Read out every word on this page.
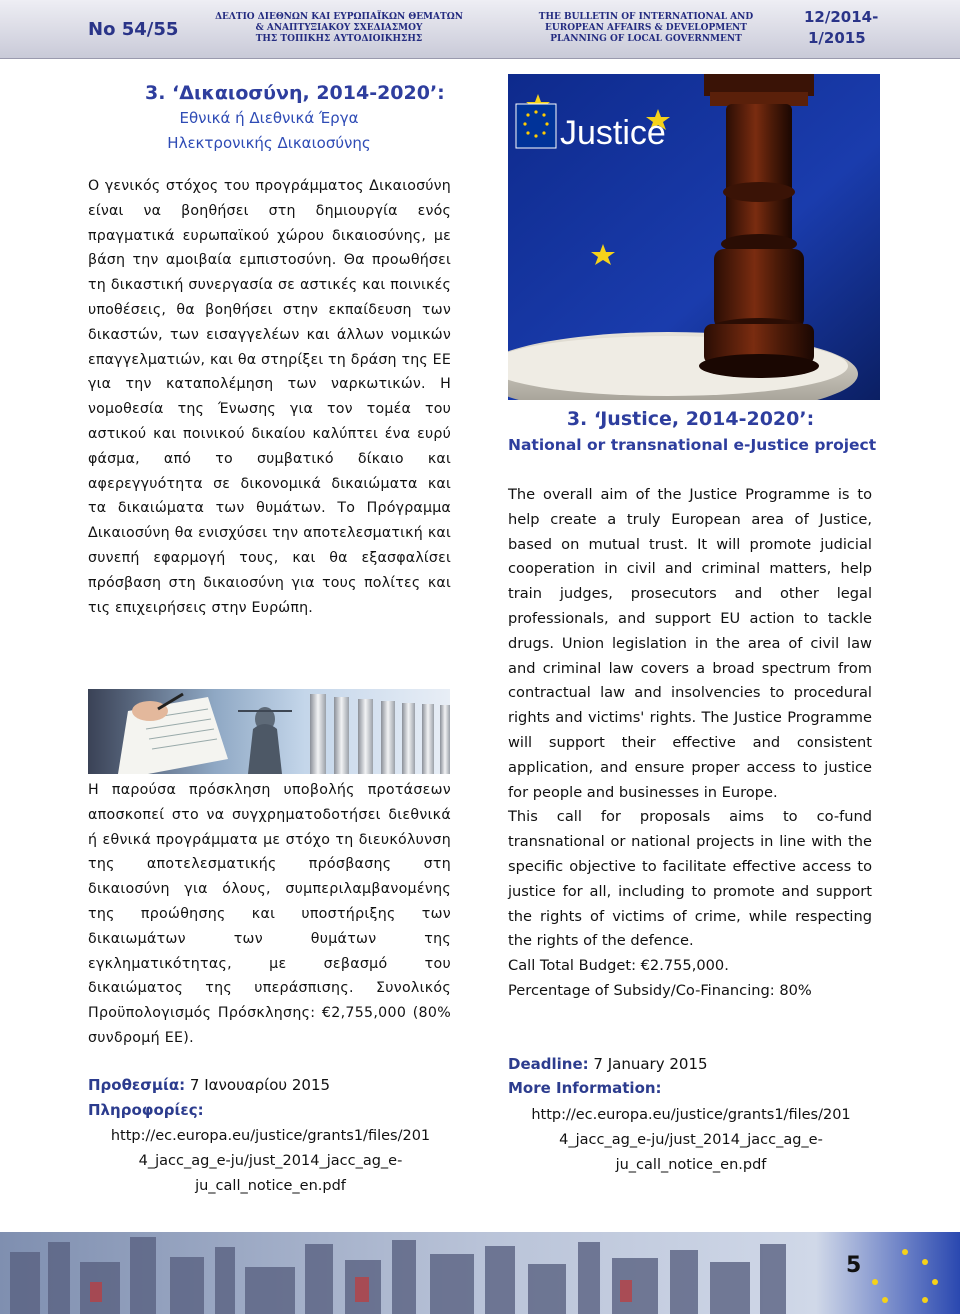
No 54/55
ΔΕΛΤΙΟ ΔΙΕΘΝΩΝ ΚΑΙ ΕΥΡΩΠΑΪΚΩΝ ΘΕΜΑΤΩΝ
& ΑΝΑΠΤΥΞΙΑΚΟΥ ΣΧΕΔΙΑΣΜΟΥ
ΤΗΣ ΤΟΠΙΚΗΣ ΑΥΤΟΔΙΟΙΚΗΣΗΣ
THE BULLETIN OF INTERNATIONAL AND
EUROPEAN AFFAIRS & DEVELOPMENT
PLANNING OF LOCAL GOVERNMENT
12/2014-
1/2015
3. ‘Δικαιοσύνη, 2014-2020’:
Εθνικά ή Διεθνικά Έργα
Ηλεκτρονικής Δικαιοσύνης

Ο γενικός στόχος του προγράμματος Δικαιοσύνη είναι να βοηθήσει στη δημιουργία ενός πραγματικά ευρωπαϊκού χώρου δικαιοσύνης, με βάση την αμοιβαία εμπιστοσύνη. Θα προωθήσει τη δικαστική συνεργασία σε αστικές και ποινικές υποθέσεις, θα βοηθήσει στην εκπαίδευση των δικαστών, των εισαγγελέων και άλλων νομικών επαγγελματιών, και θα στηρίξει τη δράση της ΕΕ για την καταπολέμηση των ναρκωτικών. Η νομοθεσία της Ένωσης για τον τομέα του αστικού και ποινικού δικαίου καλύπτει ένα ευρύ φάσμα, από το συμβατικό δίκαιο και αφερεγγυότητα σε δικονομικά δικαιώματα και τα δικαιώματα των θυμάτων. Το Πρόγραμμα Δικαιοσύνη θα ενισχύσει την αποτελεσματική και συνεπή εφαρμογή τους, και θα εξασφαλίσει πρόσβαση στη δικαιοσύνη για τους πολίτες και τις επιχειρήσεις στην Ευρώπη.

Η παρούσα πρόσκληση υποβολής προτάσεων αποσκοπεί στο να συγχρηματοδοτήσει διεθνικά ή εθνικά προγράμματα με στόχο τη διευκόλυνση της αποτελεσματικής πρόσβασης στη δικαιοσύνη για όλους, συμπεριλαμβανομένης της προώθησης και υποστήριξης των δικαιωμάτων των θυμάτων της εγκληματικότητας, με σεβασμό του δικαιώματος της υπεράσπισης. Συνολικός Προϋπολογισμός Πρόσκλησης: €2,755,000 (80% συνδρομή ΕΕ).

Προθεσμία: 7 Ιανουαρίου 2015
Πληροφορίες:
http://ec.europa.eu/justice/grants1/files/201
4_jacc_ag_e-ju/just_2014_jacc_ag_e-
ju_call_notice_en.pdf
Justice
3. ‘Justice, 2014-2020’:
National or transnational e-Justice project
The overall aim of the Justice Programme is to help create a truly European area of Justice, based on mutual trust. It will promote judicial cooperation in civil and criminal matters, help train judges, prosecutors and other legal professionals, and support EU action to tackle drugs. Union legislation in the area of civil law and criminal law covers a broad spectrum from contractual law and insolvencies to procedural rights and victims' rights. The Justice Programme will support their effective and consistent application, and ensure proper access to justice for people and businesses in Europe.
This call for proposals aims to co-fund transnational or national projects in line with the specific objective to facilitate effective access to justice for all, including to promote and support the rights of victims of crime, while respecting the rights of the defence.
Call Total Budget: €2.755,000.
Percentage of Subsidy/Co-Financing: 80%
Deadline: 7 January 2015
More Information:
http://ec.europa.eu/justice/grants1/files/201
4_jacc_ag_e-ju/just_2014_jacc_ag_e-
ju_call_notice_en.pdf
5
